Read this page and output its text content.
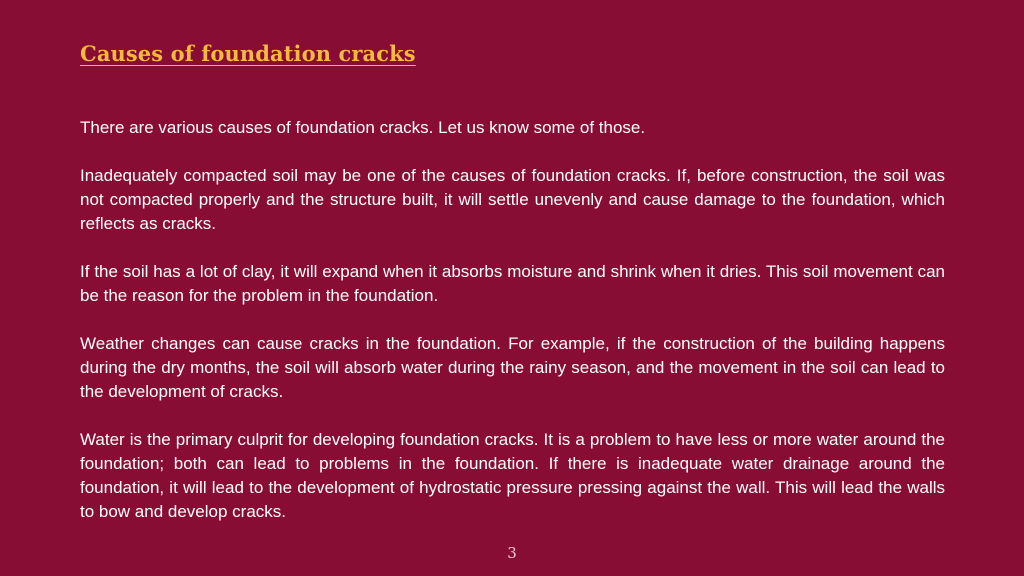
Causes of foundation cracks

There are various causes of foundation cracks. Let us know some of those.

Inadequately compacted soil may be one of the causes of foundation cracks. If, before construction, the soil was not compacted properly and the structure built, it will settle unevenly and cause damage to the foundation, which reflects as cracks.

If the soil has a lot of clay, it will expand when it absorbs moisture and shrink when it dries. This soil movement can be the reason for the problem in the foundation.

Weather changes can cause cracks in the foundation. For example, if the construction of the building happens during the dry months, the soil will absorb water during the rainy season, and the movement in the soil can lead to the development of cracks.

Water is the primary culprit for developing foundation cracks. It is a problem to have less or more water around the foundation; both can lead to problems in the foundation. If there is inadequate water drainage around the foundation, it will lead to the development of hydrostatic pressure pressing against the wall. This will lead the walls to bow and develop cracks.

3
